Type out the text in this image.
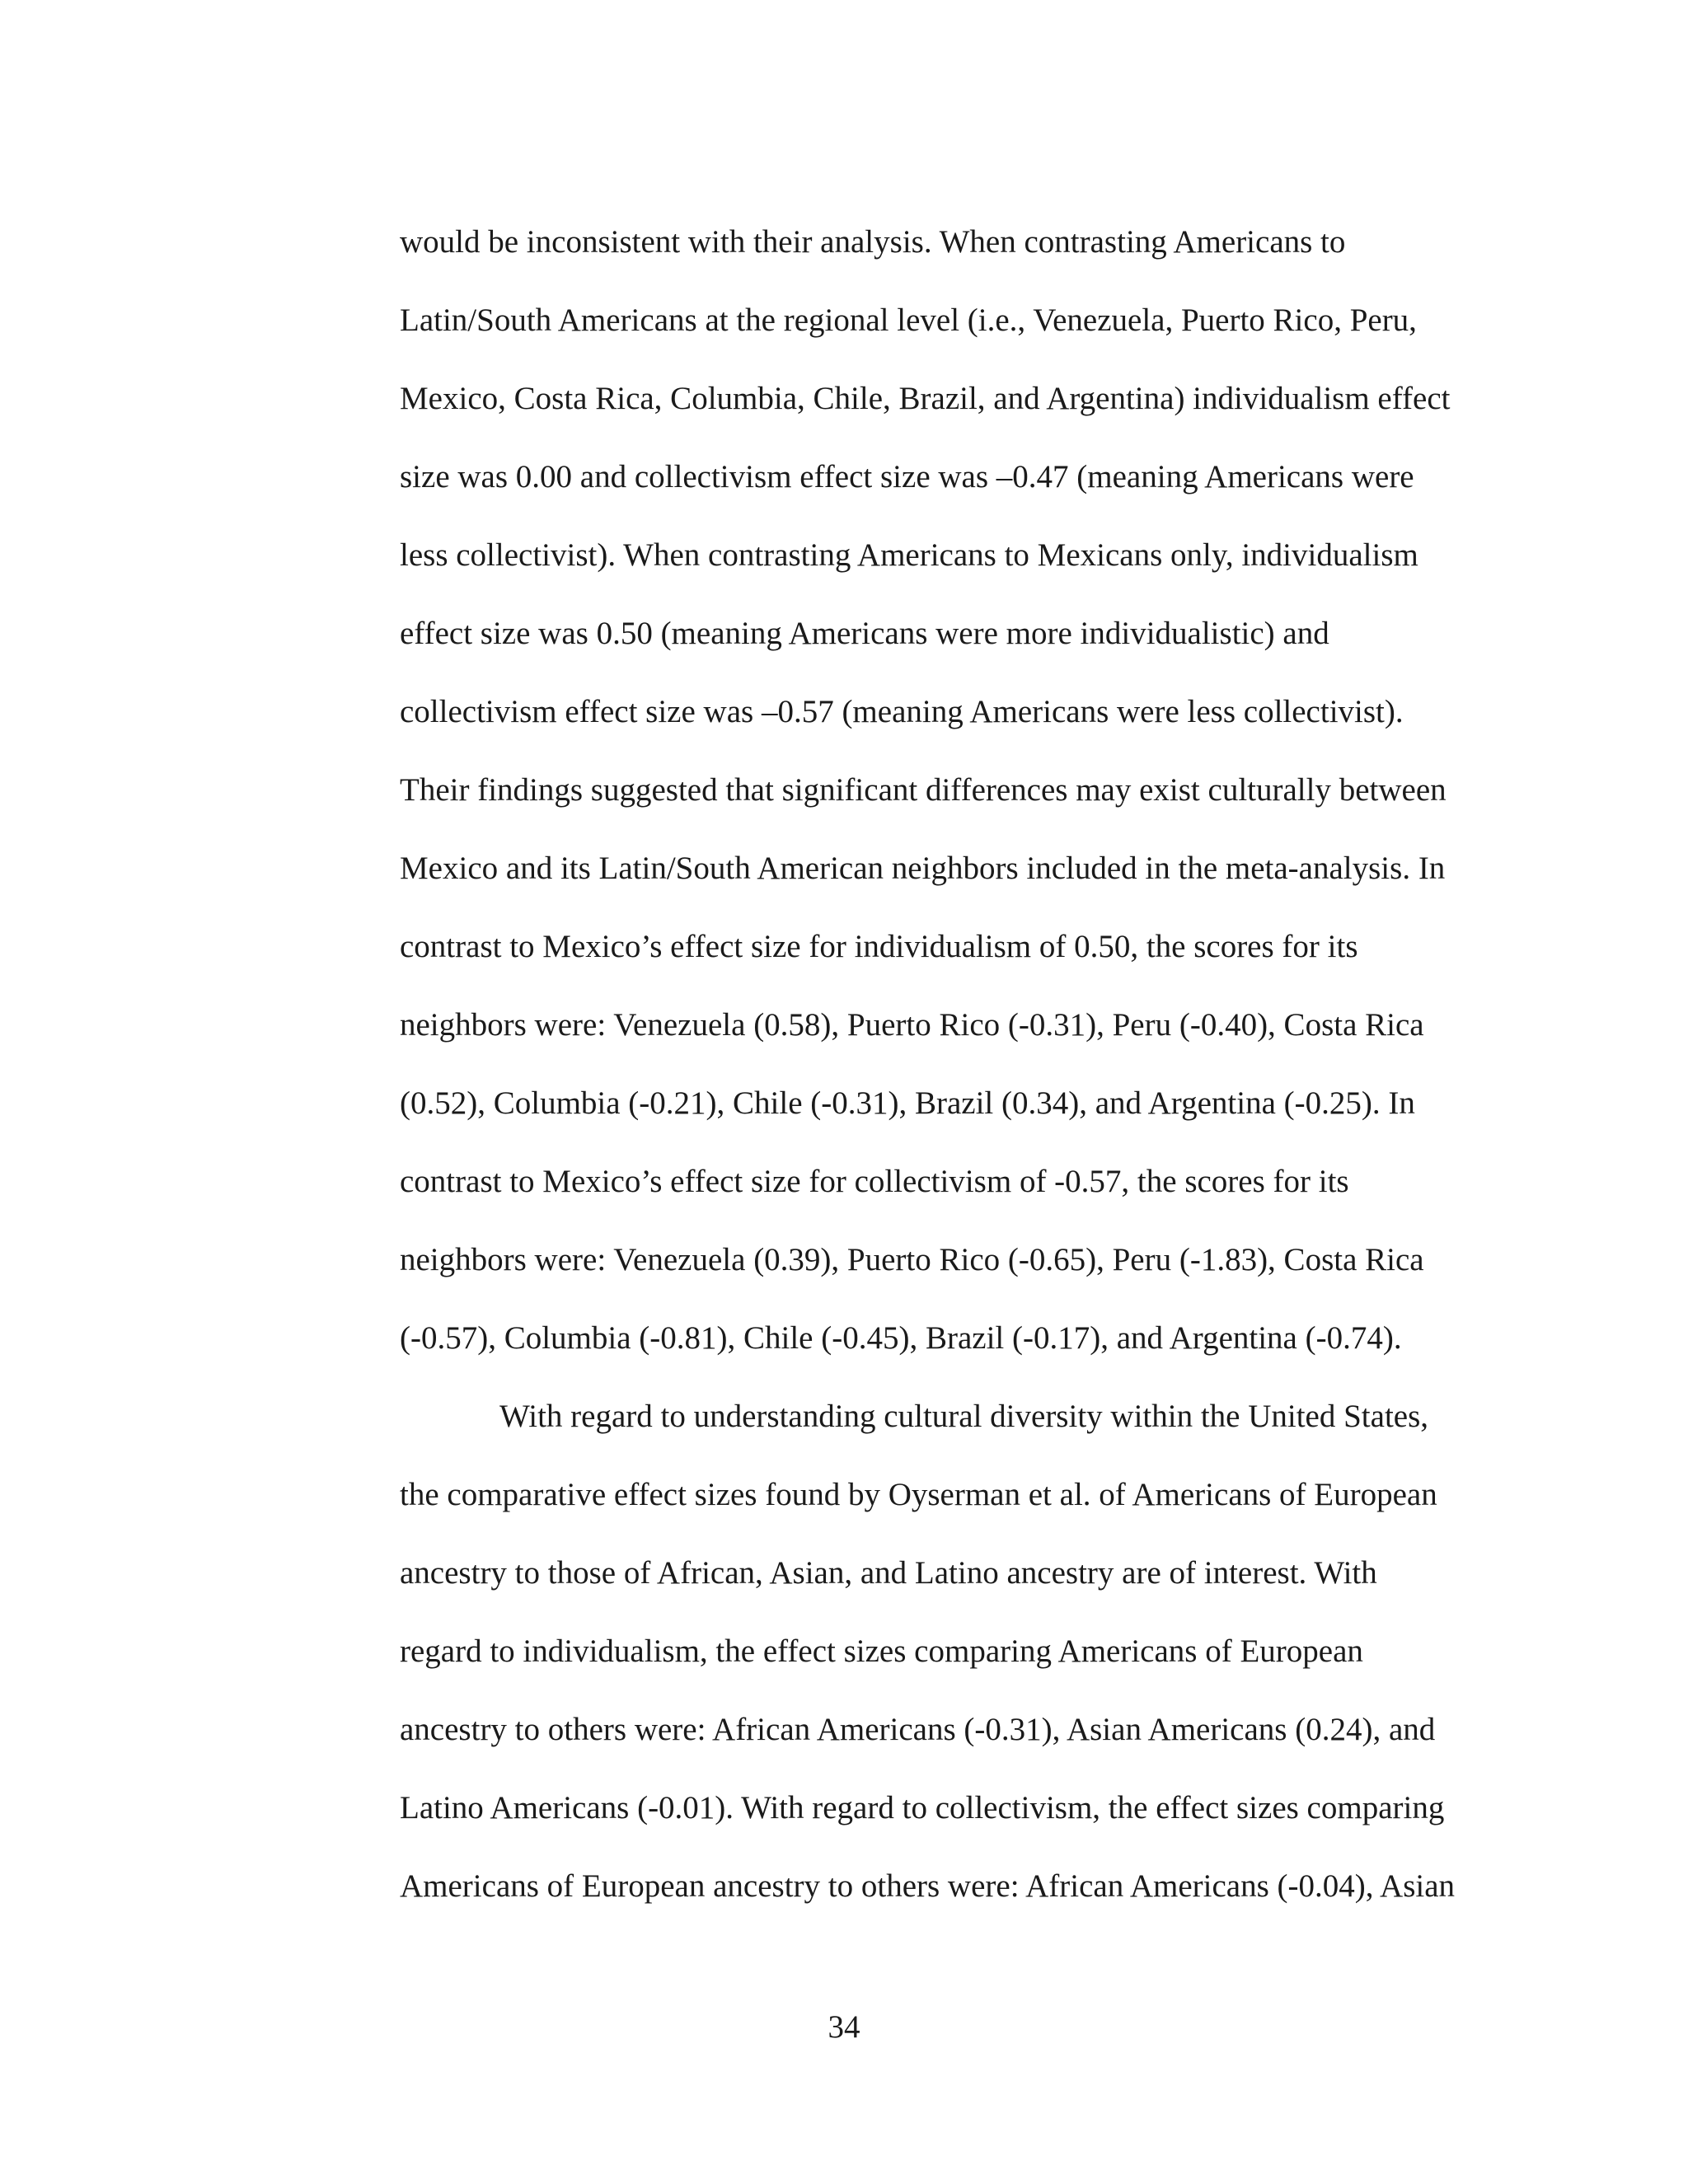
would be inconsistent with their analysis. When contrasting Americans to
Latin/South Americans at the regional level (i.e., Venezuela, Puerto Rico, Peru,
Mexico, Costa Rica, Columbia, Chile, Brazil, and Argentina) individualism effect
size was 0.00 and collectivism effect size was –0.47 (meaning Americans were
less collectivist). When contrasting Americans to Mexicans only, individualism
effect size was 0.50 (meaning Americans were more individualistic) and
collectivism effect size was –0.57 (meaning Americans were less collectivist).
Their findings suggested that significant differences may exist culturally between
Mexico and its Latin/South American neighbors included in the meta-analysis. In
contrast to Mexico’s effect size for individualism of 0.50, the scores for its
neighbors were: Venezuela (0.58), Puerto Rico (-0.31), Peru (-0.40), Costa Rica
(0.52), Columbia (-0.21), Chile (-0.31), Brazil (0.34), and Argentina (-0.25). In
contrast to Mexico’s effect size for collectivism of -0.57, the scores for its
neighbors were: Venezuela (0.39), Puerto Rico (-0.65), Peru (-1.83), Costa Rica
(-0.57), Columbia (-0.81), Chile (-0.45), Brazil (-0.17), and Argentina (-0.74).
With regard to understanding cultural diversity within the United States,
the comparative effect sizes found by Oyserman et al. of Americans of European
ancestry to those of African, Asian, and Latino ancestry are of interest. With
regard to individualism, the effect sizes comparing Americans of European
ancestry to others were: African Americans (-0.31), Asian Americans (0.24), and
Latino Americans (-0.01). With regard to collectivism, the effect sizes comparing
Americans of European ancestry to others were: African Americans (-0.04), Asian
34
